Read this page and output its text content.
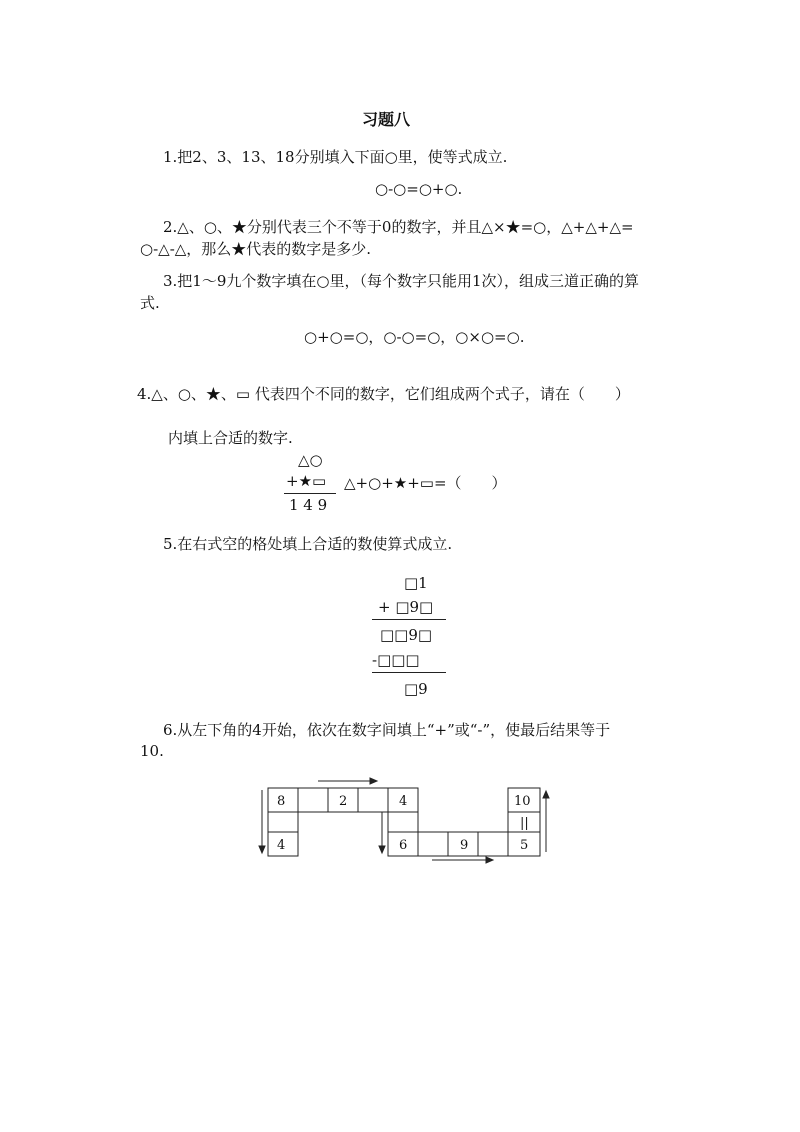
习题八
1.把2、3、13、18分别填入下面○里，使等式成立.
○-○=○+○.
2.△、○、★分别代表三个不等于0的数字，并且△×★=○，△+△+△=
○-△-△，那么★代表的数字是多少.
3.把1～9九个数字填在○里，（每个数字只能用1次），组成三道正确的算
式.
○+○=○，○-○=○，○×○=○.
4.△、○、★、▭ 代表四个不同的数字，它们组成两个式子，请在（　　）
内填上合适的数字.
△○
+★▭
1 4 9
△+○+★+▭=（　　）
5.在右式空的格处填上合适的数使算式成立.
□1
+ □9□
□□9□
-□□□
□9
6.从左下角的4开始，依次在数字间填上“+”或“-”，使最后结果等于
10.
8	2	4
4	6	9	5
10
||
